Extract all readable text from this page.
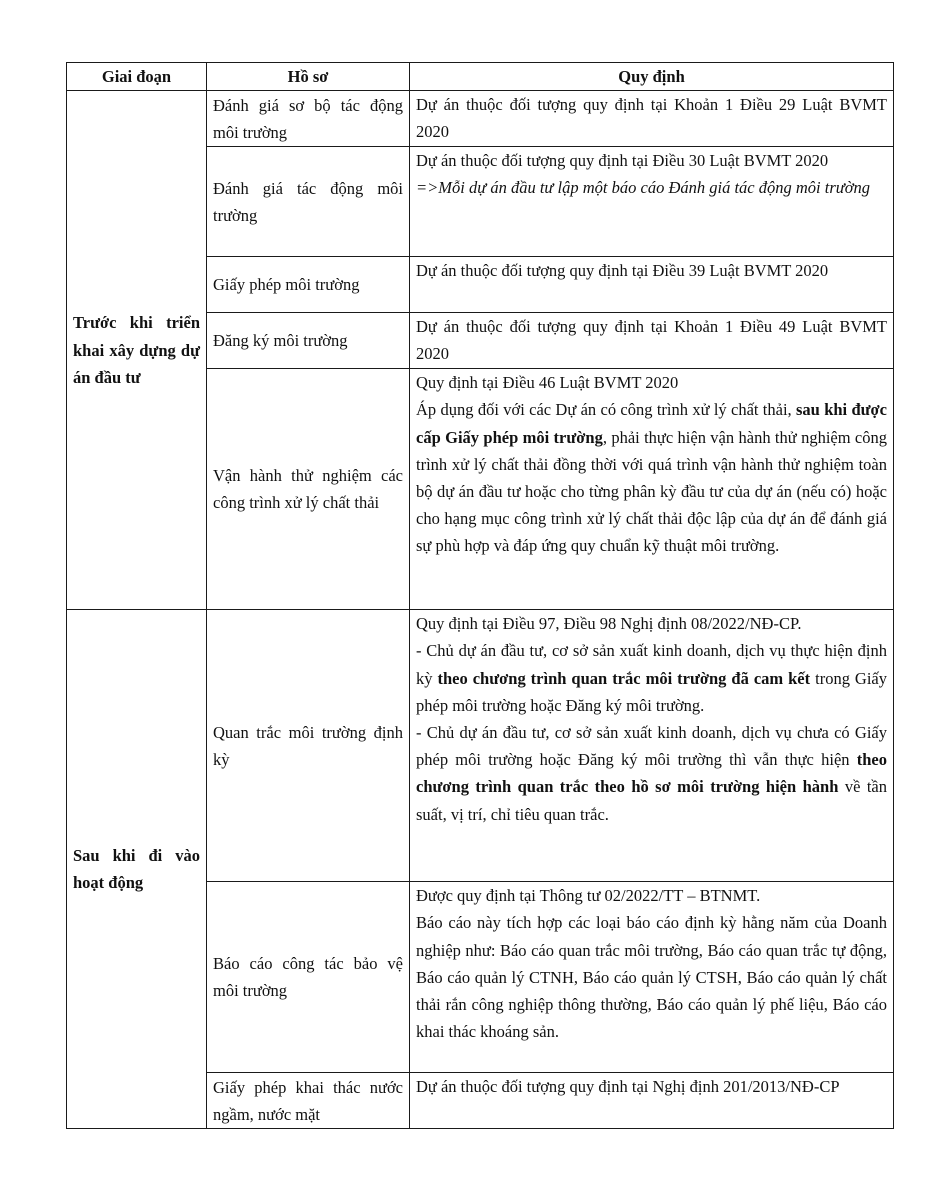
Giai đoạn	Hồ sơ	Quy định
Trước khi triển khai xây dựng dự án đầu tư	Đánh giá sơ bộ tác động môi trường	Dự án thuộc đối tượng quy định tại Khoản 1 Điều 29 Luật BVMT 2020
	Đánh giá tác động môi trường	Dự án thuộc đối tượng quy định tại Điều 30 Luật BVMT 2020

=>Mỗi dự án đầu tư lập một báo cáo Đánh giá tác động môi trường

	Giấy phép môi trường	Dự án thuộc đối tượng quy định tại Điều 39 Luật BVMT 2020
	Đăng ký môi trường	Dự án thuộc đối tượng quy định tại Khoản 1 Điều 49 Luật BVMT 2020
	Vận hành thử nghiệm các công trình xử lý chất thải	Quy định tại Điều 46 Luật BVMT 2020

Áp dụng đối với các Dự án có công trình xử lý chất thải, sau khi được cấp Giấy phép môi trường, phải thực hiện vận hành thử nghiệm công trình xử lý chất thải đồng thời với quá trình vận hành thử nghiệm toàn bộ dự án đầu tư hoặc cho từng phân kỳ đầu tư của dự án (nếu có) hoặc cho hạng mục công trình xử lý chất thải độc lập của dự án để đánh giá sự phù hợp và đáp ứng quy chuẩn kỹ thuật môi trường.

Sau khi đi vào hoạt động	Quan trắc môi trường định kỳ	Quy định tại Điều 97, Điều 98 Nghị định 08/2022/NĐ-CP.

- Chủ dự án đầu tư, cơ sở sản xuất kinh doanh, dịch vụ thực hiện định kỳ theo chương trình quan trắc môi trường đã cam kết trong Giấy phép môi trường hoặc Đăng ký môi trường.

- Chủ dự án đầu tư, cơ sở sản xuất kinh doanh, dịch vụ chưa có Giấy phép môi trường hoặc Đăng ký môi trường thì vẫn thực hiện theo chương trình quan trắc theo hồ sơ môi trường hiện hành về tần suất, vị trí, chỉ tiêu quan trắc.

	Báo cáo công tác bảo vệ môi trường	Được quy định tại Thông tư 02/2022/TT – BTNMT.

Báo cáo này tích hợp các loại báo cáo định kỳ hằng năm của Doanh nghiệp như: Báo cáo quan trắc môi trường, Báo cáo quan trắc tự động, Báo cáo quản lý CTNH, Báo cáo quản lý CTSH, Báo cáo quản lý chất thải rắn công nghiệp thông thường, Báo cáo quản lý phế liệu, Báo cáo khai thác khoáng sản.

	Giấy phép khai thác nước ngầm, nước mặt	Dự án thuộc đối tượng quy định tại Nghị định 201/2013/NĐ-CP
